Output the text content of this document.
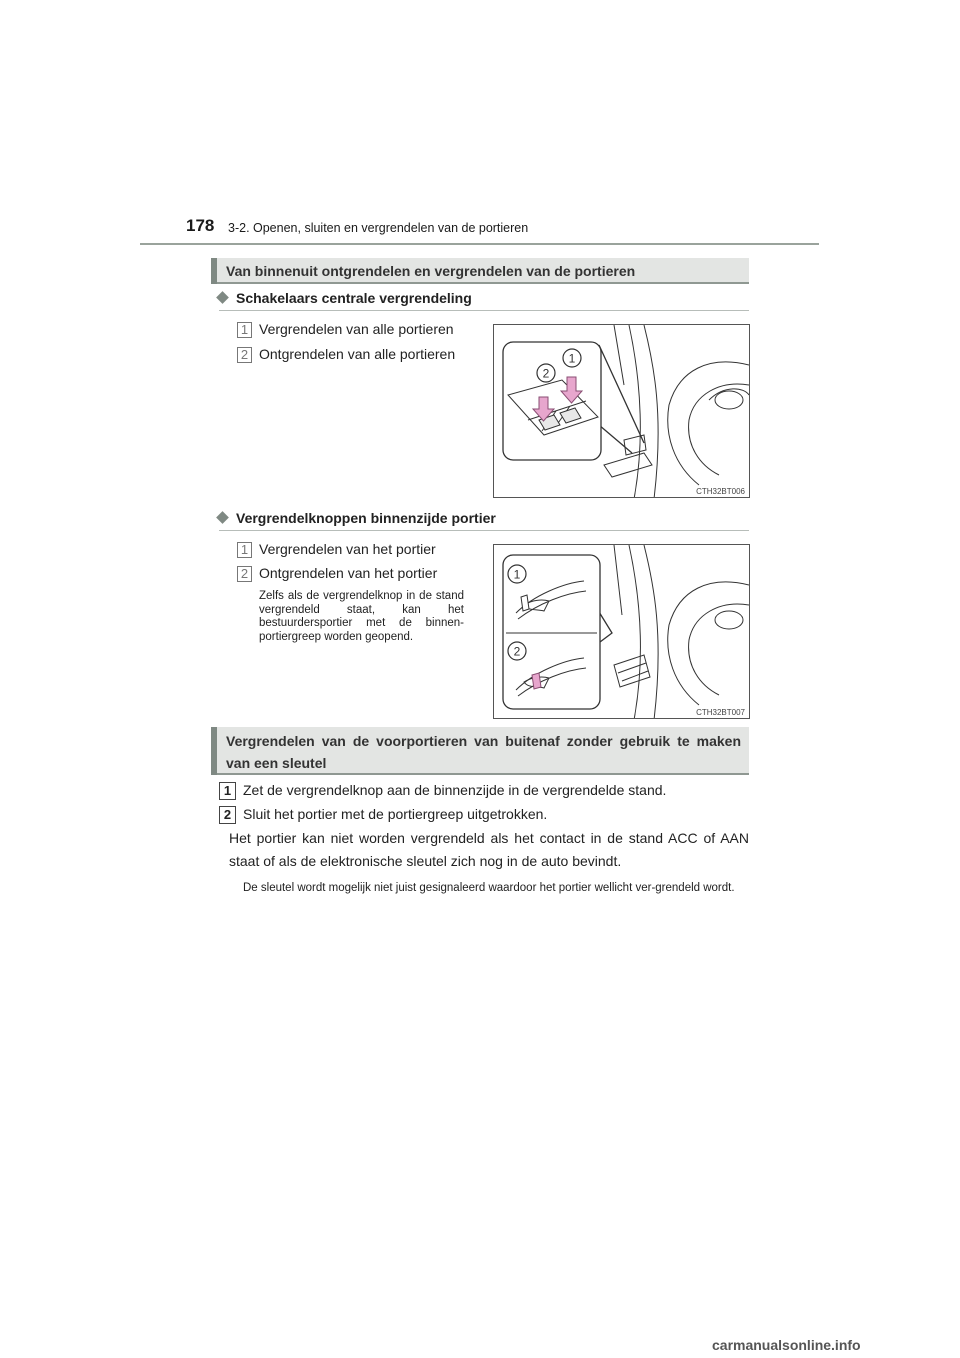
178 3-2. Openen, sluiten en vergrendelen van de portieren
Van binnenuit ontgrendelen en vergrendelen van de portieren
Schakelaars centrale vergrendeling
1 Vergrendelen van alle portieren
2 Ontgrendelen van alle portieren
2
1
CTH32BT006
Vergrendelknoppen binnenzijde portier
1 Vergrendelen van het portier
2 Ontgrendelen van het portier
Zelfs als de vergrendelknop in de stand vergrendeld staat, kan het bestuurdersportier met de binnen-portiergreep worden geopend.
1
2
CTH32BT007
Vergrendelen van de voorportieren van buitenaf zonder gebruik te maken van een sleutel
1 Zet de vergrendelknop aan de binnenzijde in de vergrendelde stand.
2 Sluit het portier met de portiergreep uitgetrokken.
Het portier kan niet worden vergrendeld als het contact in de stand ACC of AAN staat of als de elektronische sleutel zich nog in de auto bevindt.
De sleutel wordt mogelijk niet juist gesignaleerd waardoor het portier wellicht ver-grendeld wordt.
carmanualsonline.info
